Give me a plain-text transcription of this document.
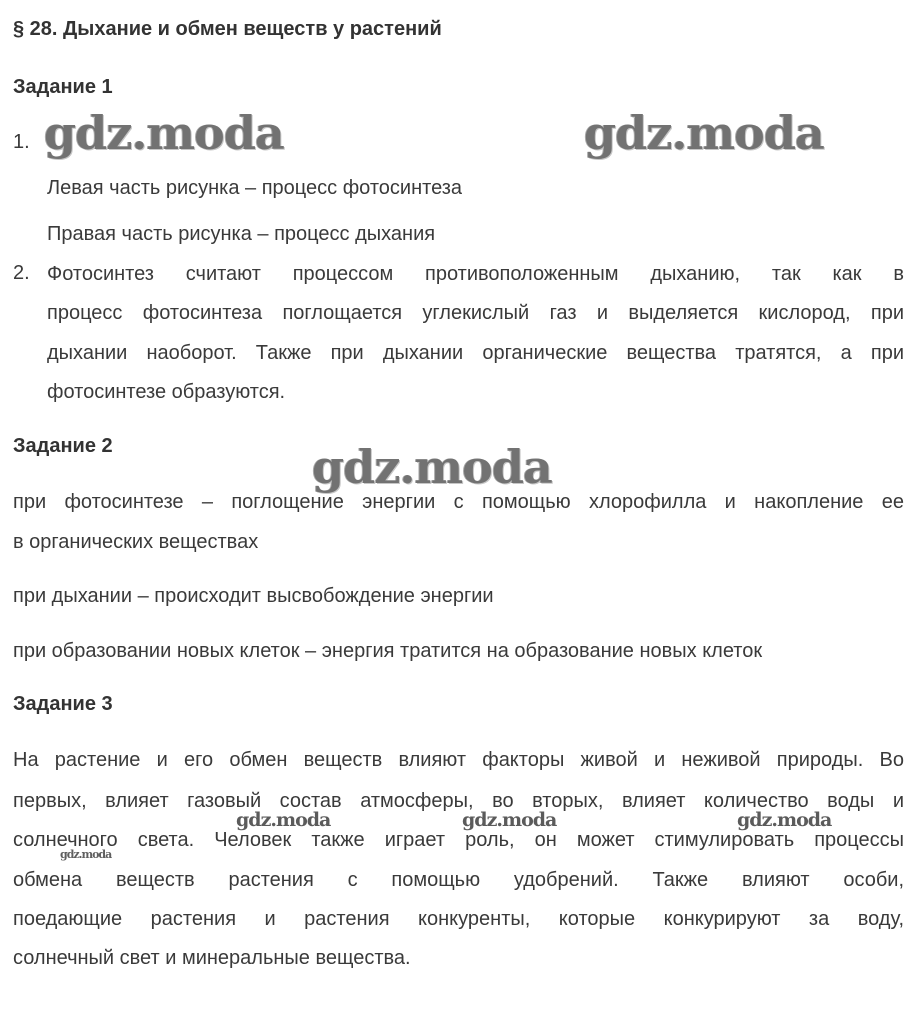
§ 28. Дыхание и обмен веществ у растений
Задание 1
1. gdz.moda	gdz.moda
Левая часть рисунка – процесс фотосинтеза
Правая часть рисунка – процесс дыхания
2. Фотосинтез считают процессом противоположенным дыханию, так как в
процесс фотосинтеза поглощается углекислый газ и выделяется кислород, при
дыхании наоборот. Также при дыхании органические вещества тратятся, а при
фотосинтезе образуются.
Задание 2	gdz.moda
при фотосинтезе – поглощение энергии с помощью хлорофилла и накопление ее
в органических веществах
при дыхании – происходит высвобождение энергии
при образовании новых клеток – энергия тратится на образование новых клеток
Задание 3
На растение и его обмен веществ влияют факторы живой и неживой природы. Во
первых, влияет газовый состав атмосферы, во вторых, влияет количество воды и
gdz.moda	gdz.moda	gdz.moda
солнечного света. Человек также играет роль, он может стимулировать процессы
gdz.moda
обмена веществ растения с помощью удобрений. Также влияют особи,
поедающие растения и растения конкуренты, которые конкурируют за воду,
солнечный свет и минеральные вещества.
